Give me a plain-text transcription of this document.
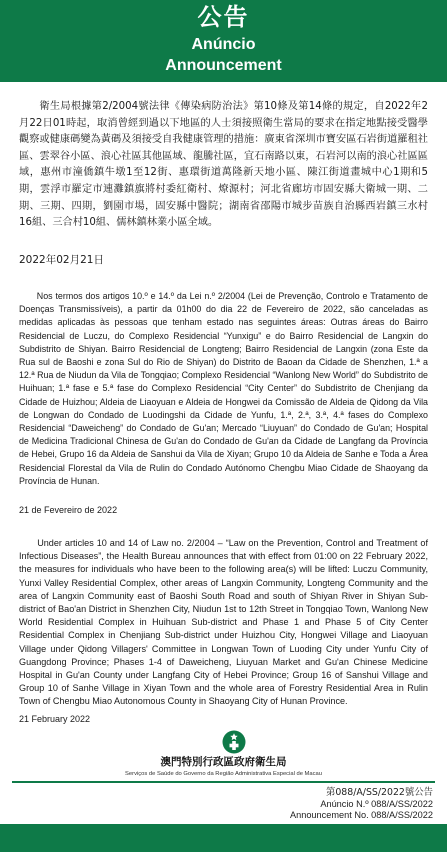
公告
Anúncio
Announcement
衛生局根據第2/2004號法律《傳染病防治法》第10條及第14條的規定，自2022年2月22日01時起，取消曾經到過以下地區的人士須接照衛生當局的要求在指定地點接受醫學觀察或健康碼變為黃碼及須接受自我健康管理的措施：廣東省深圳市寶安區石岩街道羅租社區、雲翠谷小區、浪心社區其他區域、龍騰社區，宜石南路以東，石岩河以南的浪心社區區域，惠州市潼僑鎮牛墩1至12街、惠環街道萬隆新天地小區、陳江街道畫城中心1期和5期，雲浮市羅定市連灘鎮旗將村委紅衛村、燎源村；河北省廊坊市固安縣大衛城一期、二期、三期、四期，劉園市場，固安縣中醫院；湖南省邵陽市城步苗族自治縣西岩鎮三水村16組、三合村10組、儒林鎮林業小區全域。
2022年02月21日
Nos termos dos artigos 10.º e 14.º da Lei n.º 2/2004 (Lei de Prevenção, Controlo e Tratamento de Doenças Transmissíveis), a partir da 01h00 do dia 22 de Fevereiro de 2022, são canceladas as medidas aplicadas às pessoas que tenham estado nas seguintes áreas: Outras áreas do Bairro Residencial de Luczu, do Complexo Residencial “Yunxigu” e do Bairro Residencial de Langxin do Subdistrito de Shiyan. Bairro Residencial de Longteng; Bairro Residencial de Langxin (zona Este da Rua sul de Baoshi e zona Sul do Rio de Shiyan) do Distrito de Baoan da Cidade de Shenzhen, 1.ª a 12.ª Rua de Niudun da Vila de Tongqiao; Complexo Residencial “Wanlong New World” do Subdistrito de Huihuan; 1.ª fase e 5.ª fase do Complexo Residencial “City Center” do Subdistrito de Chenjiang da Cidade de Huizhou; Aldeia de Liaoyuan e Aldeia de Hongwei da Comissão de Aldeia de Qidong da Vila de Longwan do Condado de Luodingshi da Cidade de Yunfu, 1.ª, 2.ª, 3.ª, 4.ª fases do Complexo Residencial “Daweicheng” do Condado de Gu'an; Mercado “Liuyuan” do Condado de Gu'an; Hospital de Medicina Tradicional Chinesa de Gu'an do Condado de Gu'an da Cidade de Langfang da Província de Hebei, Grupo 16 da Aldeia de Sanshui da Vila de Xiyan; Grupo 10 da Aldeia de Sanhe e Toda a Área Residencial Florestal da Vila de Rulin do Condado Autónomo Chengbu Miao Cidade de Shaoyang da Província de Hunan.
21 de Fevereiro de 2022
Under articles 10 and 14 of Law no. 2/2004 – “Law on the Prevention, Control and Treatment of Infectious Diseases”, the Health Bureau announces that with effect from 01:00 on 22 February 2022, the measures for individuals who have been to the following area(s) will be lifted: Luczu Community, Yunxi Valley Residential Complex, other areas of Langxin Community, Longteng Community and the area of Langxin Community east of Baoshi South Road and south of Shiyan River in Shiyan Sub-district of Bao'an District in Shenzhen City, Niudun 1st to 12th Street in Tongqiao Town, Wanlong New World Residential Complex in Huihuan Sub-district and Phase 1 and Phase 5 of City Center Residential Complex in Chenjiang Sub-district under Huizhou City, Hongwei Village and Liaoyuan Village under Qidong Villagers' Committee in Longwan Town of Luoding City under Yunfu City of Guangdong Province; Phases 1-4 of Daweicheng, Liuyuan Market and Gu'an Chinese Medicine Hospital in Gu'an County under Langfang City of Hebei Province; Group 16 of Sanshui Village and Group 10 of Sanhe Village in Xiyan Town and the whole area of Forestry Residential Area in Rulin Town of Chengbu Miao Autonomous County in Shaoyang City of Hunan Province.
21 February 2022
澳門特別行政區政府衛生局
Serviços de Saúde do Governo da Região Administrativa Especial de Macau
第088/A/SS/2022號公告
Anúncio N.º 088/A/SS/2022
Announcement No. 088/A/SS/2022
